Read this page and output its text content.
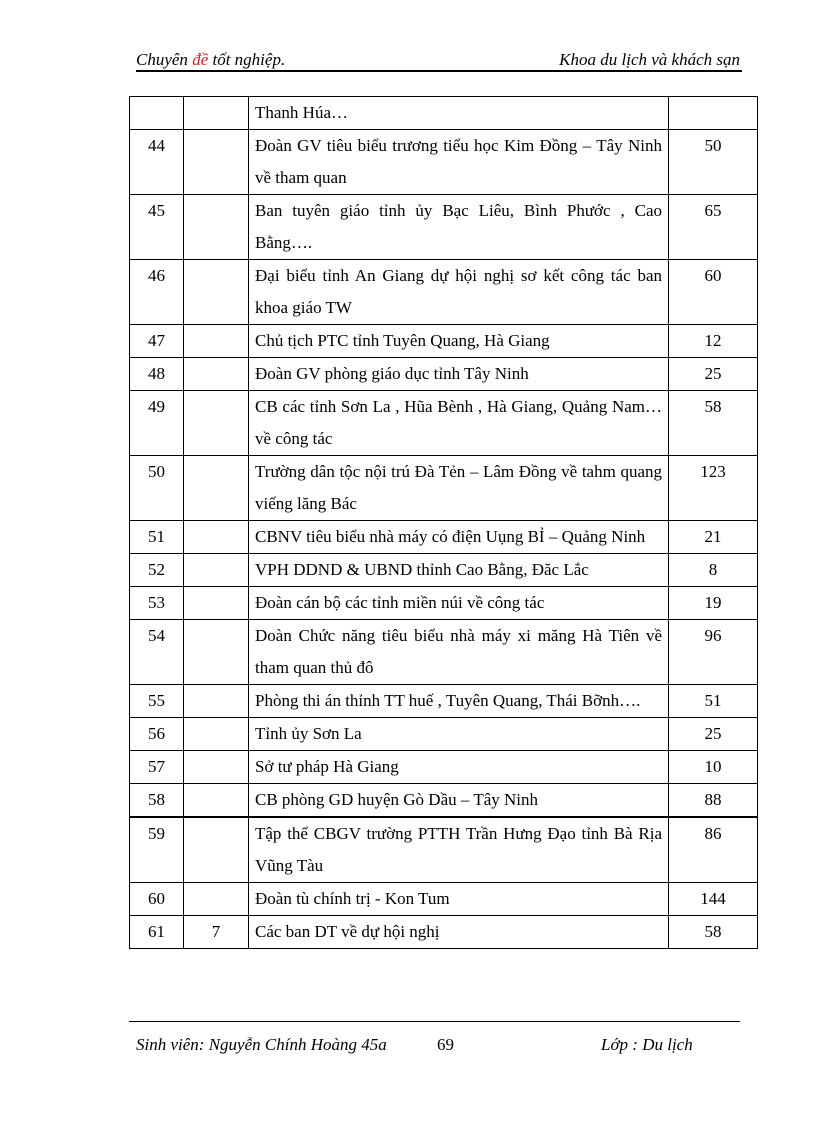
Chuyên đề tốt nghiệp.	Khoa du lịch và khách sạn
		Thanh Húa…	
44		Đoàn GV tiêu biểu trương tiểu học Kim Đồng – Tây Ninh về tham quan	50
45		Ban tuyên giáo tỉnh ủy Bạc Liêu, Bình Phước , Cao Bằng….	65
46		Đại biểu tỉnh An Giang dự hội nghị sơ kết công tác ban khoa giáo TW	60
47		Chủ tịch PTC tỉnh Tuyên Quang, Hà Giang	12
48		Đoàn GV phòng giáo dục tỉnh Tây Ninh	25
49		CB các tỉnh Sơn La , Hũa Bènh , Hà Giang, Quảng Nam… về công tác	58
50		Trường dân tộc nội trú Đà Tẻn – Lâm Đồng về tahm quang viếng lăng Bác	123
51		CBNV tiêu biểu nhà máy có điện Uụng BỈ – Quảng Ninh	21
52		VPH DDND & UBND thỉnh Cao Bằng, Đăc Lắc	8
53		Đoàn cán bộ các tỉnh miền núi về công tác	19
54		Doàn Chức năng tiêu biểu nhà máy xi măng Hà Tiên về tham quan thủ đô	96
55		Phòng thi án thỉnh TT huế , Tuyên Quang, Thái Bỡnh….	51
56		Tỉnh ủy Sơn La	25
57		Sở tư pháp Hà Giang	10
58		CB phòng GD huyện Gò Dầu – Tây Ninh	88
59		Tập thể CBGV trường PTTH Trần Hưng Đạo tỉnh Bà Rịa Vũng Tàu	86
60		Đoàn tù chính trị - Kon Tum	144
61	7	Các ban DT về dự hội nghị	58
Sinh viên: Nguyễn Chính Hoàng 45a	69	Lớp : Du lịch
